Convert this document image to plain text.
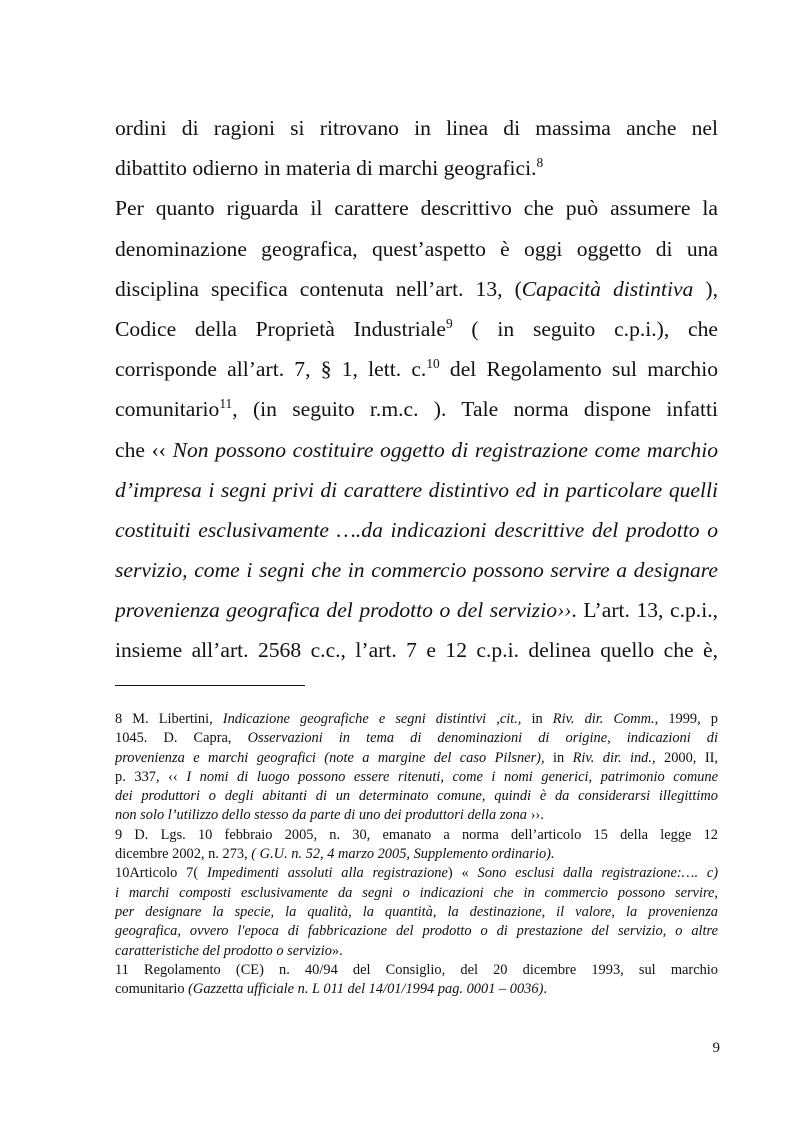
ordini di ragioni si ritrovano in linea di massima anche nel
dibattito odierno in materia di marchi geografici.$^8$
Per quanto riguarda il carattere descrittivo che può assumere la
denominazione geografica, quest’aspetto è oggi oggetto di una
disciplina specifica contenuta nell’art. 13, (Capacità distintiva ),
Codice della Proprietà Industriale$^9$ ( in seguito c.p.i.), che
corrisponde all’art. 7, § 1, lett. c.$^{10}$ del Regolamento sul marchio
comunitario$^{11}$, (in seguito r.m.c. ). Tale norma dispone infatti
che ‹‹ Non possono costituire oggetto di registrazione come marchio
d’impresa i segni privi di carattere distintivo ed in particolare quelli
costituiti esclusivamente ….da indicazioni descrittive del prodotto o
servizio, come i segni che in commercio possono servire a designare
provenienza geografica del prodotto o del servizio››. L’art. 13, c.p.i.,
insieme all’art. 2568 c.c., l’art. 7 e 12 c.p.i. delinea quello che è,
8 M. Libertini, Indicazione geografiche e segni distintivi ,cit., in Riv. dir. Comm., 1999, p
1045. D. Capra, Osservazioni in tema di denominazioni di origine, indicazioni di
provenienza e marchi geografici (note a margine del caso Pilsner), in Riv. dir. ind., 2000, II,
p. 337, ‹‹ I nomi di luogo possono essere ritenuti, come i nomi generici, patrimonio comune
dei produttori o degli abitanti di un determinato comune, quindi è da considerarsi illegittimo
non solo l’utilizzo dello stesso da parte di uno dei produttori della zona ››.
9 D. Lgs. 10 febbraio 2005, n. 30, emanato a norma dell’articolo 15 della legge 12
dicembre 2002, n. 273, ( G.U. n. 52, 4 marzo 2005, Supplemento ordinario).
10Articolo 7( Impedimenti assoluti alla registrazione) « Sono esclusi dalla registrazione:…. c)
i marchi composti esclusivamente da segni o indicazioni che in commercio possono servire,
per designare la specie, la qualità, la quantità, la destinazione, il valore, la provenienza
geografica, ovvero l'epoca di fabbricazione del prodotto o di prestazione del servizio, o altre
caratteristiche del prodotto o servizio».
11 Regolamento (CE) n. 40/94 del Consiglio, del 20 dicembre 1993, sul marchio
comunitario (Gazzetta ufficiale n. L 011 del 14/01/1994 pag. 0001 – 0036).
9
